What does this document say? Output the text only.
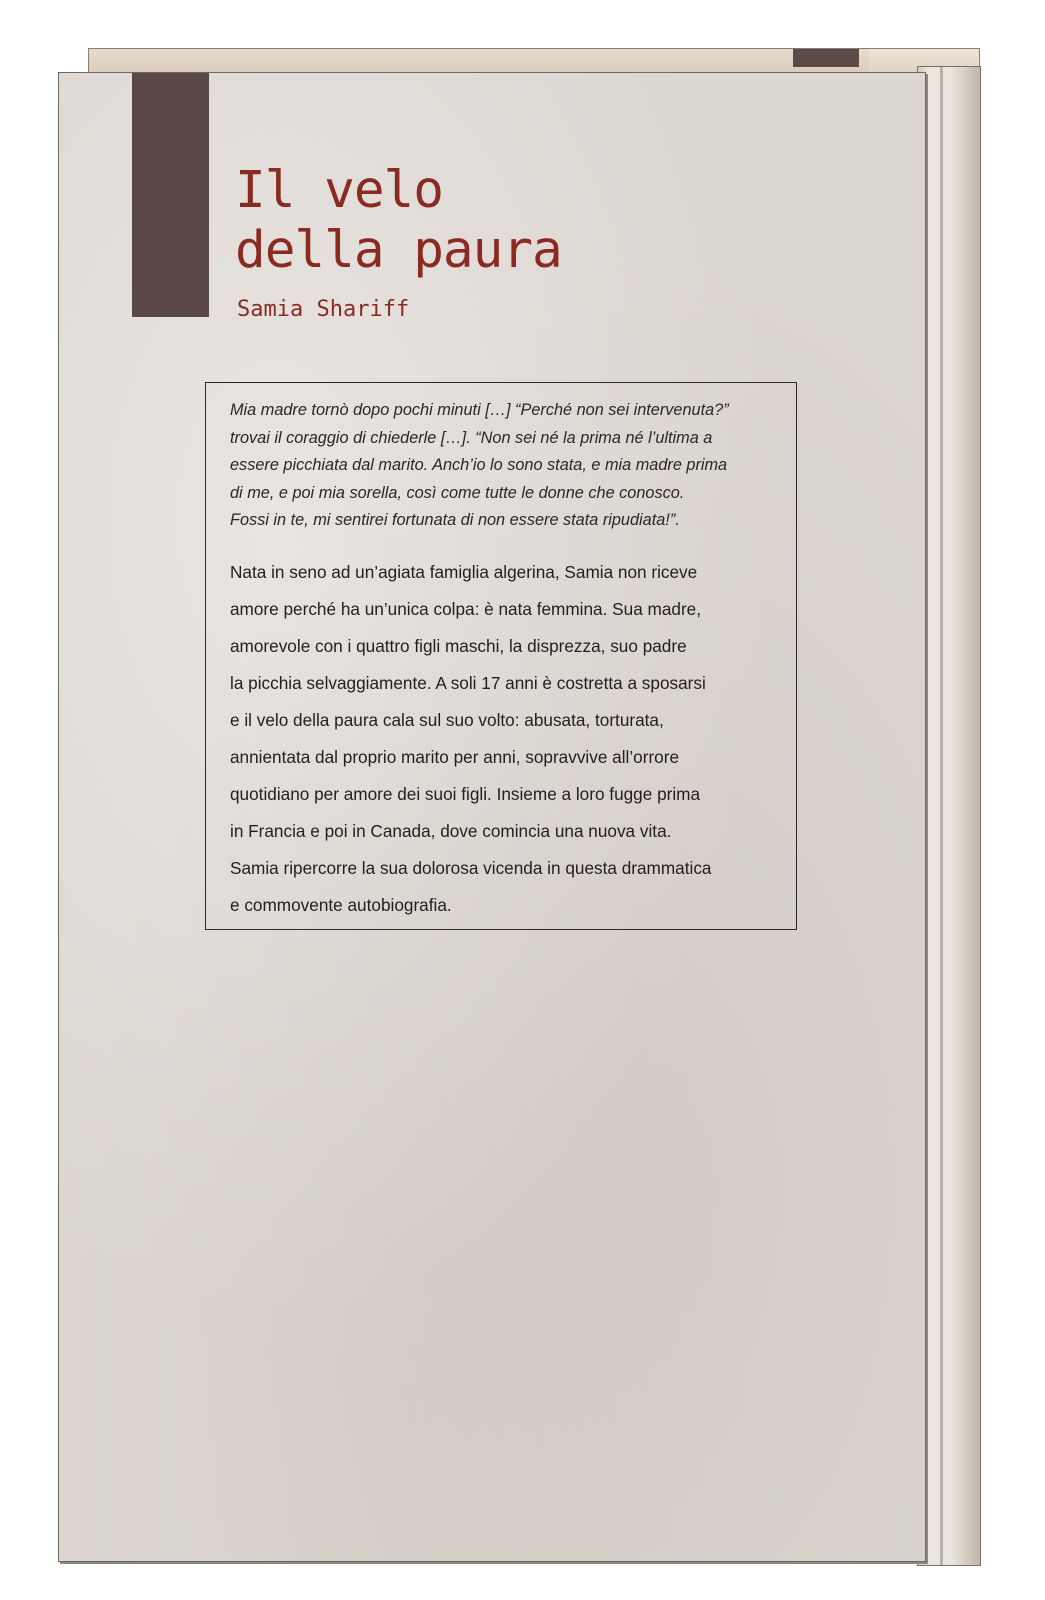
Il velo
della paura
Samia Shariff

Mia madre tornò dopo pochi minuti […] “Perché non sei intervenuta?”
trovai il coraggio di chiederle […]. “Non sei né la prima né l’ultima a
essere picchiata dal marito. Anch’io lo sono stata, e mia madre prima
di me, e poi mia sorella, così come tutte le donne che conosco.
Fossi in te, mi sentirei fortunata di non essere stata ripudiata!”.

Nata in seno ad un’agiata famiglia algerina, Samia non riceve
amore perché ha un’unica colpa: è nata femmina. Sua madre,
amorevole con i quattro figli maschi, la disprezza, suo padre
la picchia selvaggiamente. A soli 17 anni è costretta a sposarsi
e il velo della paura cala sul suo volto: abusata, torturata,
annientata dal proprio marito per anni, sopravvive all’orrore
quotidiano per amore dei suoi figli. Insieme a loro fugge prima
in Francia e poi in Canada, dove comincia una nuova vita.
Samia ripercorre la sua dolorosa vicenda in questa drammatica
e commovente autobiografia.
